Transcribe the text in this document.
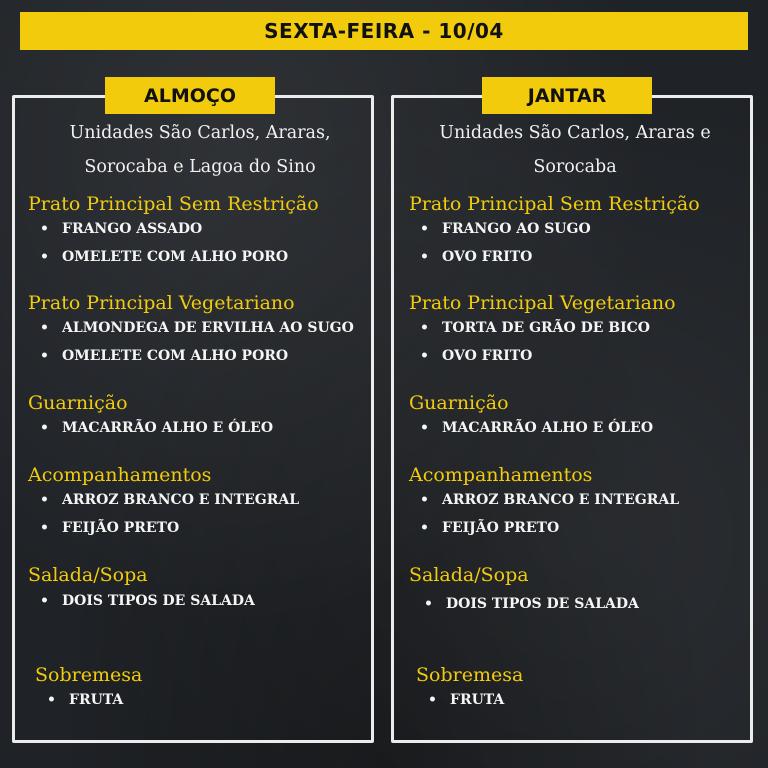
SEXTA-FEIRA - 10/04
ALMOÇO	JANTAR
Unidades São Carlos, Araras,
Sorocaba e Lagoa do Sino
Unidades São Carlos, Araras e
Sorocaba
Prato Principal Sem Restrição
• FRANGO ASSADO
• OMELETE COM ALHO PORO
Prato Principal Vegetariano
• ALMONDEGA DE ERVILHA AO SUGO
• OMELETE COM ALHO PORO
Guarnição
• MACARRÃO ALHO E ÓLEO
Acompanhamentos
• ARROZ BRANCO E INTEGRAL
• FEIJÃO PRETO
Salada/Sopa
• DOIS TIPOS DE SALADA
Sobremesa
• FRUTA
Prato Principal Sem Restrição
• FRANGO AO SUGO
• OVO FRITO
Prato Principal Vegetariano
• TORTA DE GRÃO DE BICO
• OVO FRITO
Guarnição
• MACARRÃO ALHO E ÓLEO
Acompanhamentos
• ARROZ BRANCO E INTEGRAL
• FEIJÃO PRETO
Salada/Sopa
• DOIS TIPOS DE SALADA
Sobremesa
• FRUTA
